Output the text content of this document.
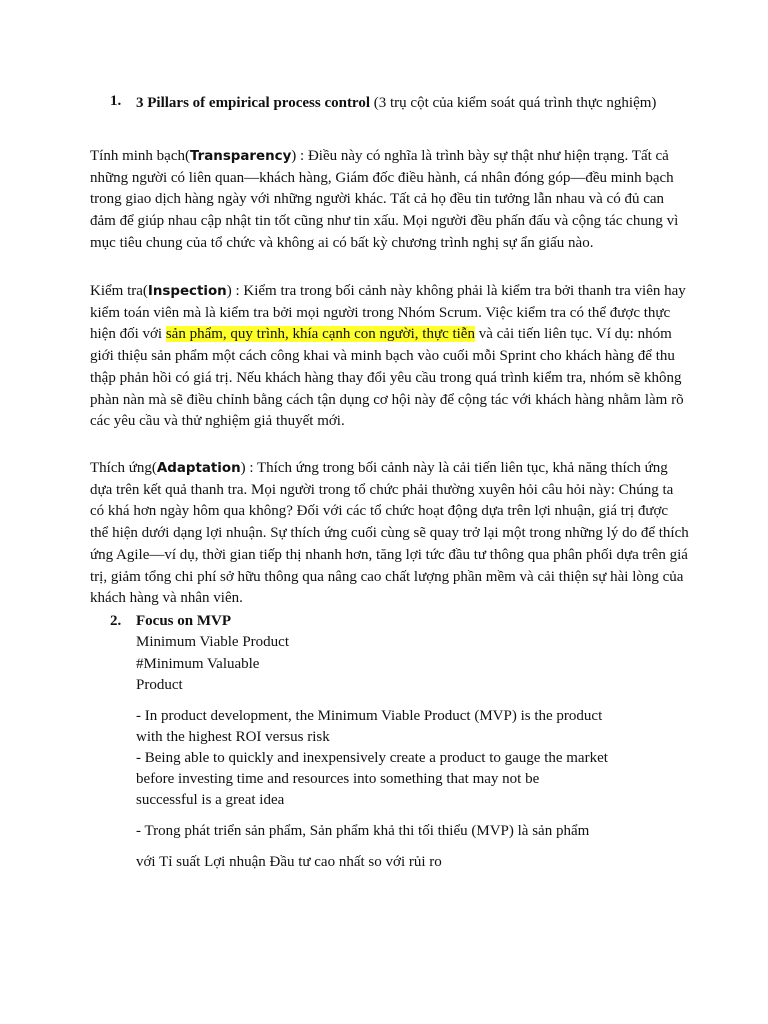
1. 3 Pillars of empirical process control (3 trụ cột của kiểm soát quá trình thực nghiệm)

Tính minh bạch(Transparency) : Điều này có nghĩa là trình bày sự thật như hiện trạng. Tất cả những người có liên quan—khách hàng, Giám đốc điều hành, cá nhân đóng góp—đều minh bạch trong giao dịch hàng ngày với những người khác. Tất cả họ đều tin tưởng lẫn nhau và có đủ can đảm để giúp nhau cập nhật tin tốt cũng như tin xấu. Mọi người đều phấn đấu và cộng tác chung vì mục tiêu chung của tổ chức và không ai có bất kỳ chương trình nghị sự ẩn giấu nào.

Kiểm tra(Inspection) : Kiểm tra trong bối cảnh này không phải là kiểm tra bởi thanh tra viên hay kiểm toán viên mà là kiểm tra bởi mọi người trong Nhóm Scrum. Việc kiểm tra có thể được thực hiện đối với sản phẩm, quy trình, khía cạnh con người, thực tiễn và cải tiến liên tục. Ví dụ: nhóm giới thiệu sản phẩm một cách công khai và minh bạch vào cuối mỗi Sprint cho khách hàng để thu thập phản hồi có giá trị. Nếu khách hàng thay đổi yêu cầu trong quá trình kiểm tra, nhóm sẽ không phàn nàn mà sẽ điều chỉnh bằng cách tận dụng cơ hội này để cộng tác với khách hàng nhằm làm rõ các yêu cầu và thử nghiệm giả thuyết mới.

Thích ứng(Adaptation) : Thích ứng trong bối cảnh này là cải tiến liên tục, khả năng thích ứng dựa trên kết quả thanh tra. Mọi người trong tổ chức phải thường xuyên hỏi câu hỏi này: Chúng ta có khá hơn ngày hôm qua không? Đối với các tổ chức hoạt động dựa trên lợi nhuận, giá trị được thể hiện dưới dạng lợi nhuận. Sự thích ứng cuối cùng sẽ quay trở lại một trong những lý do để thích ứng Agile—ví dụ, thời gian tiếp thị nhanh hơn, tăng lợi tức đầu tư thông qua phân phối dựa trên giá trị, giảm tổng chi phí sở hữu thông qua nâng cao chất lượng phần mềm và cải thiện sự hài lòng của khách hàng và nhân viên.

2. Focus on MVP

Minimum Viable Product

#Minimum Valuable

Product

- In product development, the Minimum Viable Product (MVP) is the product

with the highest ROI versus risk

- Being able to quickly and inexpensively create a product to gauge the market

before investing time and resources into something that may not be

successful is a great idea

- Trong phát triển sản phẩm, Sản phẩm khả thi tối thiểu (MVP) là sản phẩm

với Tỉ suất Lợi nhuận Đầu tư cao nhất so với rủi ro
